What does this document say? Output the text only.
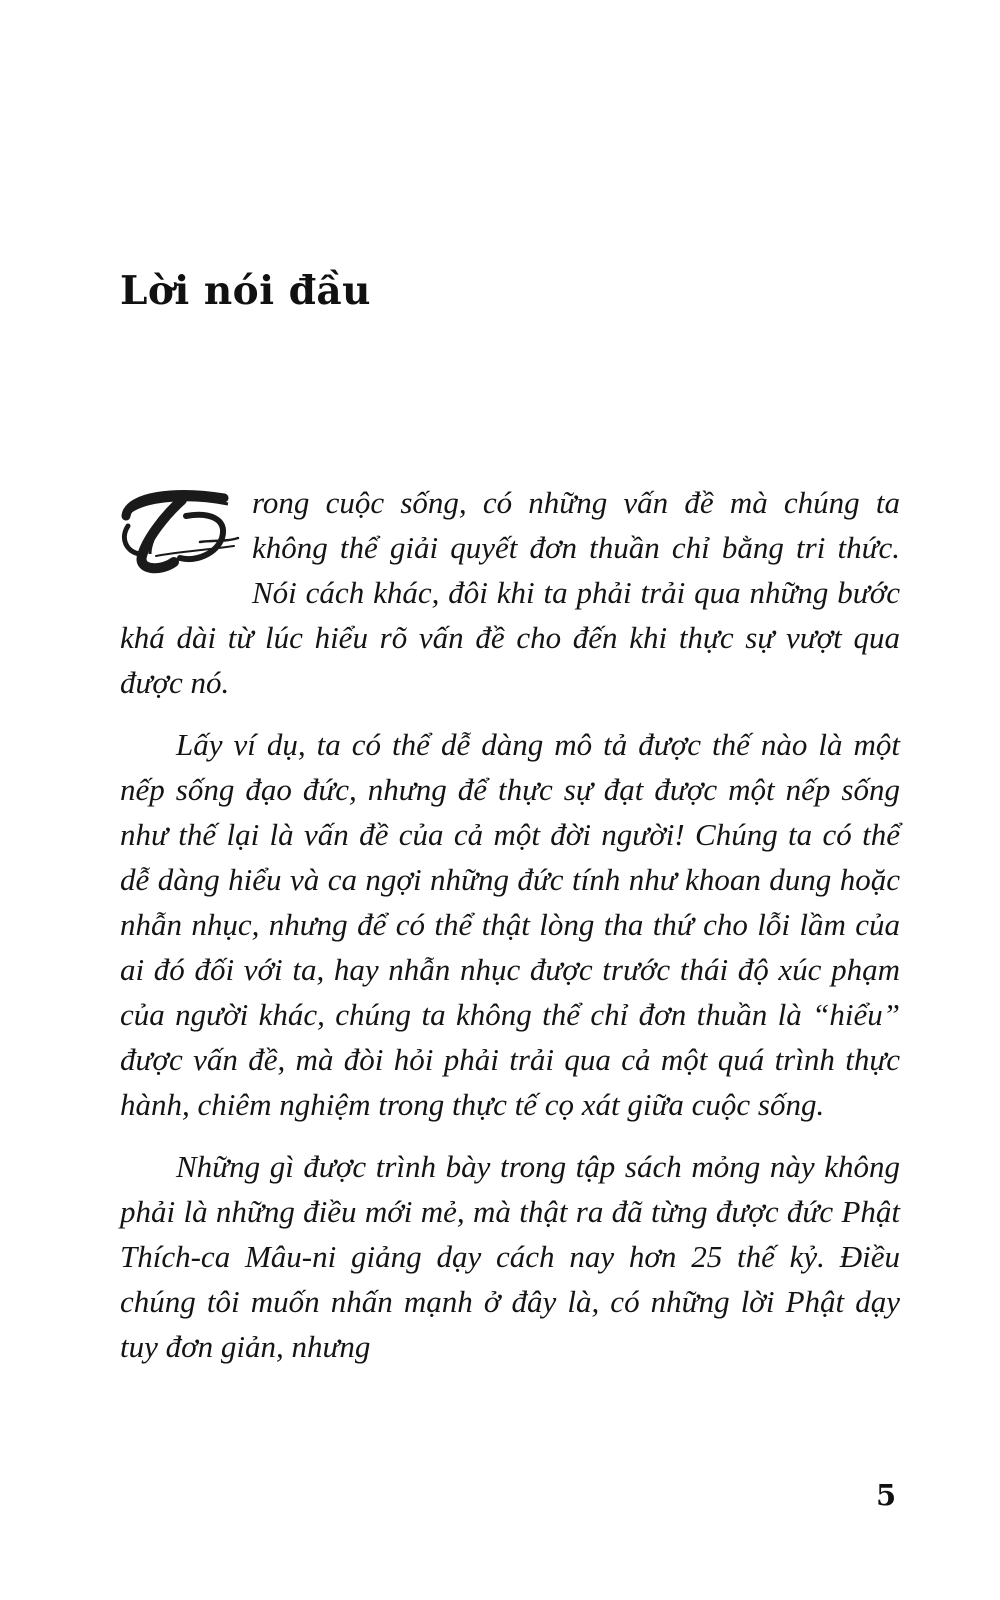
Lời nói đầu

rong cuộc sống, có những vấn đề mà chúng ta không thể giải quyết đơn thuần chỉ bằng tri thức. Nói cách khác, đôi khi ta phải trải qua những bước khá dài từ lúc hiểu rõ vấn đề cho đến khi thực sự vượt qua được nó.

Lấy ví dụ, ta có thể dễ dàng mô tả được thế nào là một nếp sống đạo đức, nhưng để thực sự đạt được một nếp sống như thế lại là vấn đề của cả một đời người! Chúng ta có thể dễ dàng hiểu và ca ngợi những đức tính như khoan dung hoặc nhẫn nhục, nhưng để có thể thật lòng tha thứ cho lỗi lầm của ai đó đối với ta, hay nhẫn nhục được trước thái độ xúc phạm của người khác, chúng ta không thể chỉ đơn thuần là “hiểu” được vấn đề, mà đòi hỏi phải trải qua cả một quá trình thực hành, chiêm nghiệm trong thực tế cọ xát giữa cuộc sống.

Những gì được trình bày trong tập sách mỏng này không phải là những điều mới mẻ, mà thật ra đã từng được đức Phật Thích-ca Mâu-ni giảng dạy cách nay hơn 25 thế kỷ. Điều chúng tôi muốn nhấn mạnh ở đây là, có những lời Phật dạy tuy đơn giản, nhưng

5
